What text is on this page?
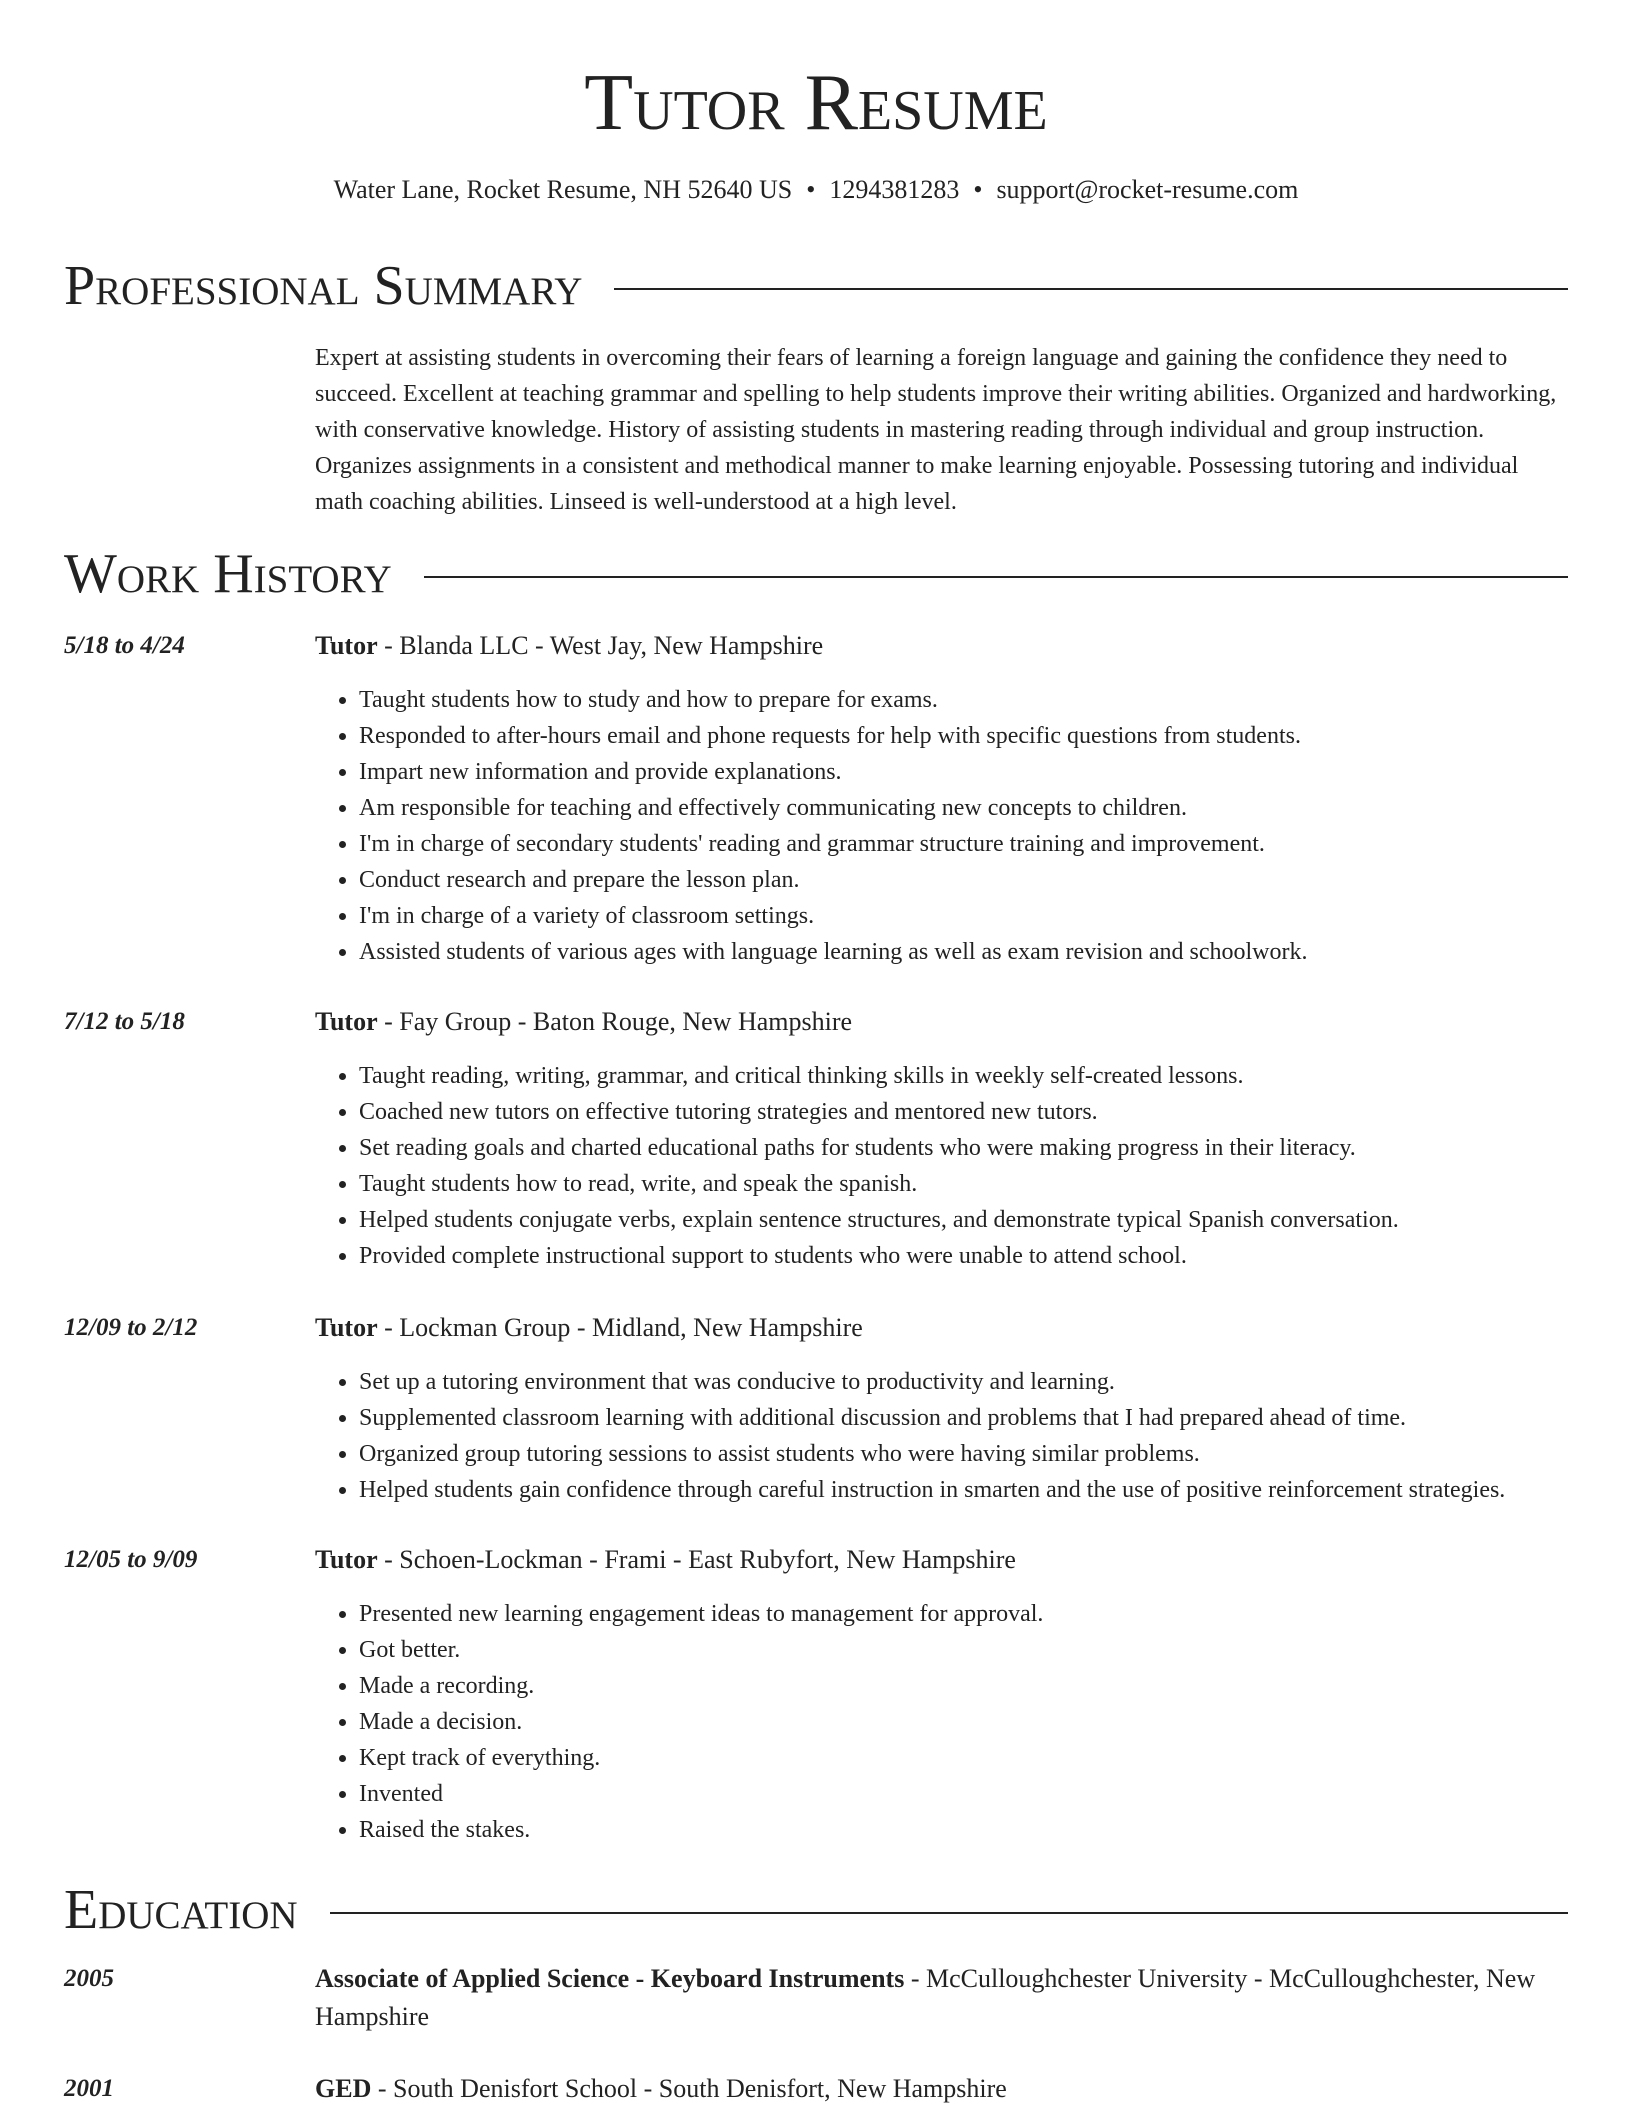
Tutor Resume
Water Lane, Rocket Resume, NH 52640 US • 1294381283 • support@rocket-resume.com
Professional Summary
Expert at assisting students in overcoming their fears of learning a foreign language and gaining the confidence they need to succeed. Excellent at teaching grammar and spelling to help students improve their writing abilities. Organized and hardworking, with conservative knowledge. History of assisting students in mastering reading through individual and group instruction. Organizes assignments in a consistent and methodical manner to make learning enjoyable. Possessing tutoring and individual math coaching abilities. Linseed is well-understood at a high level.
Work History
5/18 to 4/24	Tutor - Blanda LLC - West Jay, New Hampshire
• Taught students how to study and how to prepare for exams.
• Responded to after-hours email and phone requests for help with specific questions from students.
• Impart new information and provide explanations.
• Am responsible for teaching and effectively communicating new concepts to children.
• I'm in charge of secondary students' reading and grammar structure training and improvement.
• Conduct research and prepare the lesson plan.
• I'm in charge of a variety of classroom settings.
• Assisted students of various ages with language learning as well as exam revision and schoolwork.
7/12 to 5/18	Tutor - Fay Group - Baton Rouge, New Hampshire
• Taught reading, writing, grammar, and critical thinking skills in weekly self-created lessons.
• Coached new tutors on effective tutoring strategies and mentored new tutors.
• Set reading goals and charted educational paths for students who were making progress in their literacy.
• Taught students how to read, write, and speak the spanish.
• Helped students conjugate verbs, explain sentence structures, and demonstrate typical Spanish conversation.
• Provided complete instructional support to students who were unable to attend school.
12/09 to 2/12	Tutor - Lockman Group - Midland, New Hampshire
• Set up a tutoring environment that was conducive to productivity and learning.
• Supplemented classroom learning with additional discussion and problems that I had prepared ahead of time.
• Organized group tutoring sessions to assist students who were having similar problems.
• Helped students gain confidence through careful instruction in smarten and the use of positive reinforcement strategies.
12/05 to 9/09	Tutor - Schoen-Lockman - Frami - East Rubyfort, New Hampshire
• Presented new learning engagement ideas to management for approval.
• Got better.
• Made a recording.
• Made a decision.
• Kept track of everything.
• Invented
• Raised the stakes.
Education
2005	Associate of Applied Science - Keyboard Instruments - McCulloughchester University - McCulloughchester, New Hampshire
2001	GED - South Denisfort School - South Denisfort, New Hampshire
